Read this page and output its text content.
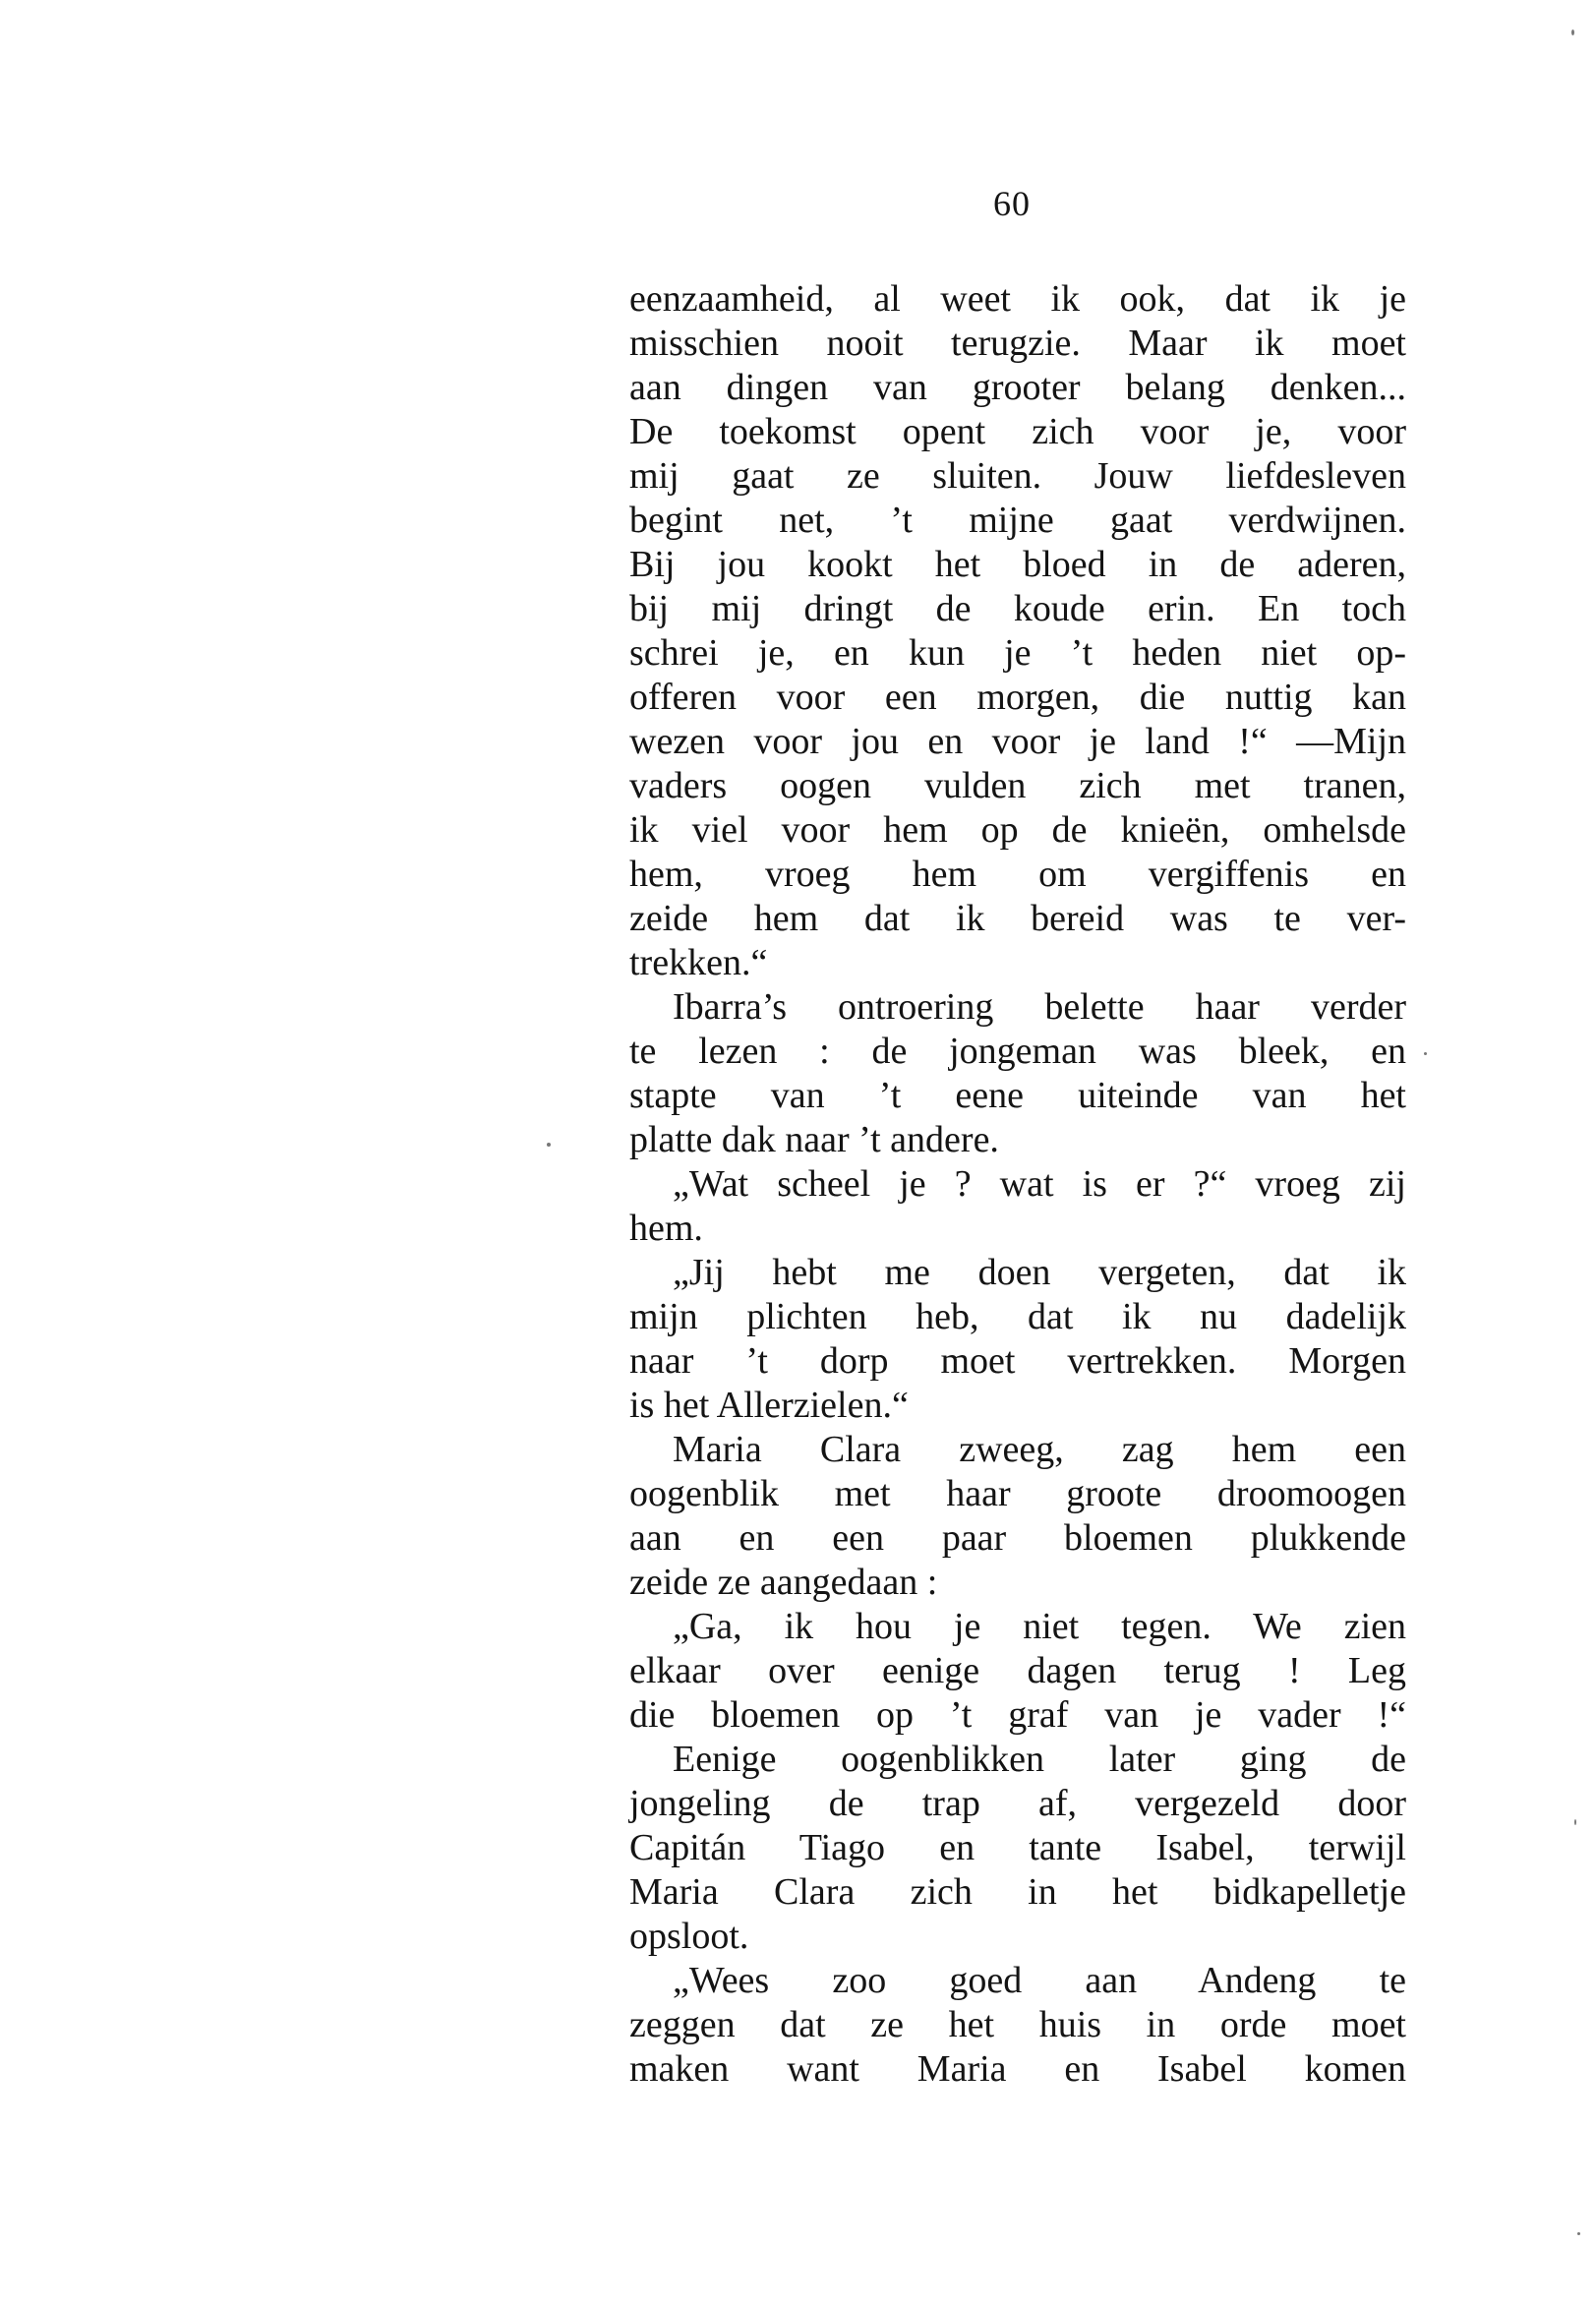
60
eenzaamheid, al weet ik ook, dat ik je
misschien nooit terugzie. Maar ik moet
aan dingen van grooter belang denken...
De toekomst opent zich voor je, voor
mij gaat ze sluiten. Jouw liefdesleven
begint net, ’t mijne gaat verdwijnen.
Bij jou kookt het bloed in de aderen,
bij mij dringt de koude erin. En toch
schrei je, en kun je ’t heden niet op-
offeren voor een morgen, die nuttig kan
wezen voor jou en voor je land !“ —Mijn
vaders oogen vulden zich met tranen,
ik viel voor hem op de knieën, omhelsde
hem, vroeg hem om vergiffenis en
zeide hem dat ik bereid was te ver-
trekken.“
Ibarra’s ontroering belette haar verder
te lezen : de jongeman was bleek, en
stapte van ’t eene uiteinde van het
platte dak naar ’t andere.
„Wat scheel je ? wat is er ?“ vroeg zij
hem.
„Jij hebt me doen vergeten, dat ik
mijn plichten heb, dat ik nu dadelijk
naar ’t dorp moet vertrekken. Morgen
is het Allerzielen.“
Maria Clara zweeg, zag hem een
oogenblik met haar groote droomoogen
aan en een paar bloemen plukkende
zeide ze aangedaan :
„Ga, ik hou je niet tegen. We zien
elkaar over eenige dagen terug ! Leg
die bloemen op ’t graf van je vader !“
Eenige oogenblikken later ging de
jongeling de trap af, vergezeld door
Capitán Tiago en tante Isabel, terwijl
Maria Clara zich in het bidkapelletje
opsloot.
„Wees zoo goed aan Andeng te
zeggen dat ze het huis in orde moet
maken want Maria en Isabel komen
